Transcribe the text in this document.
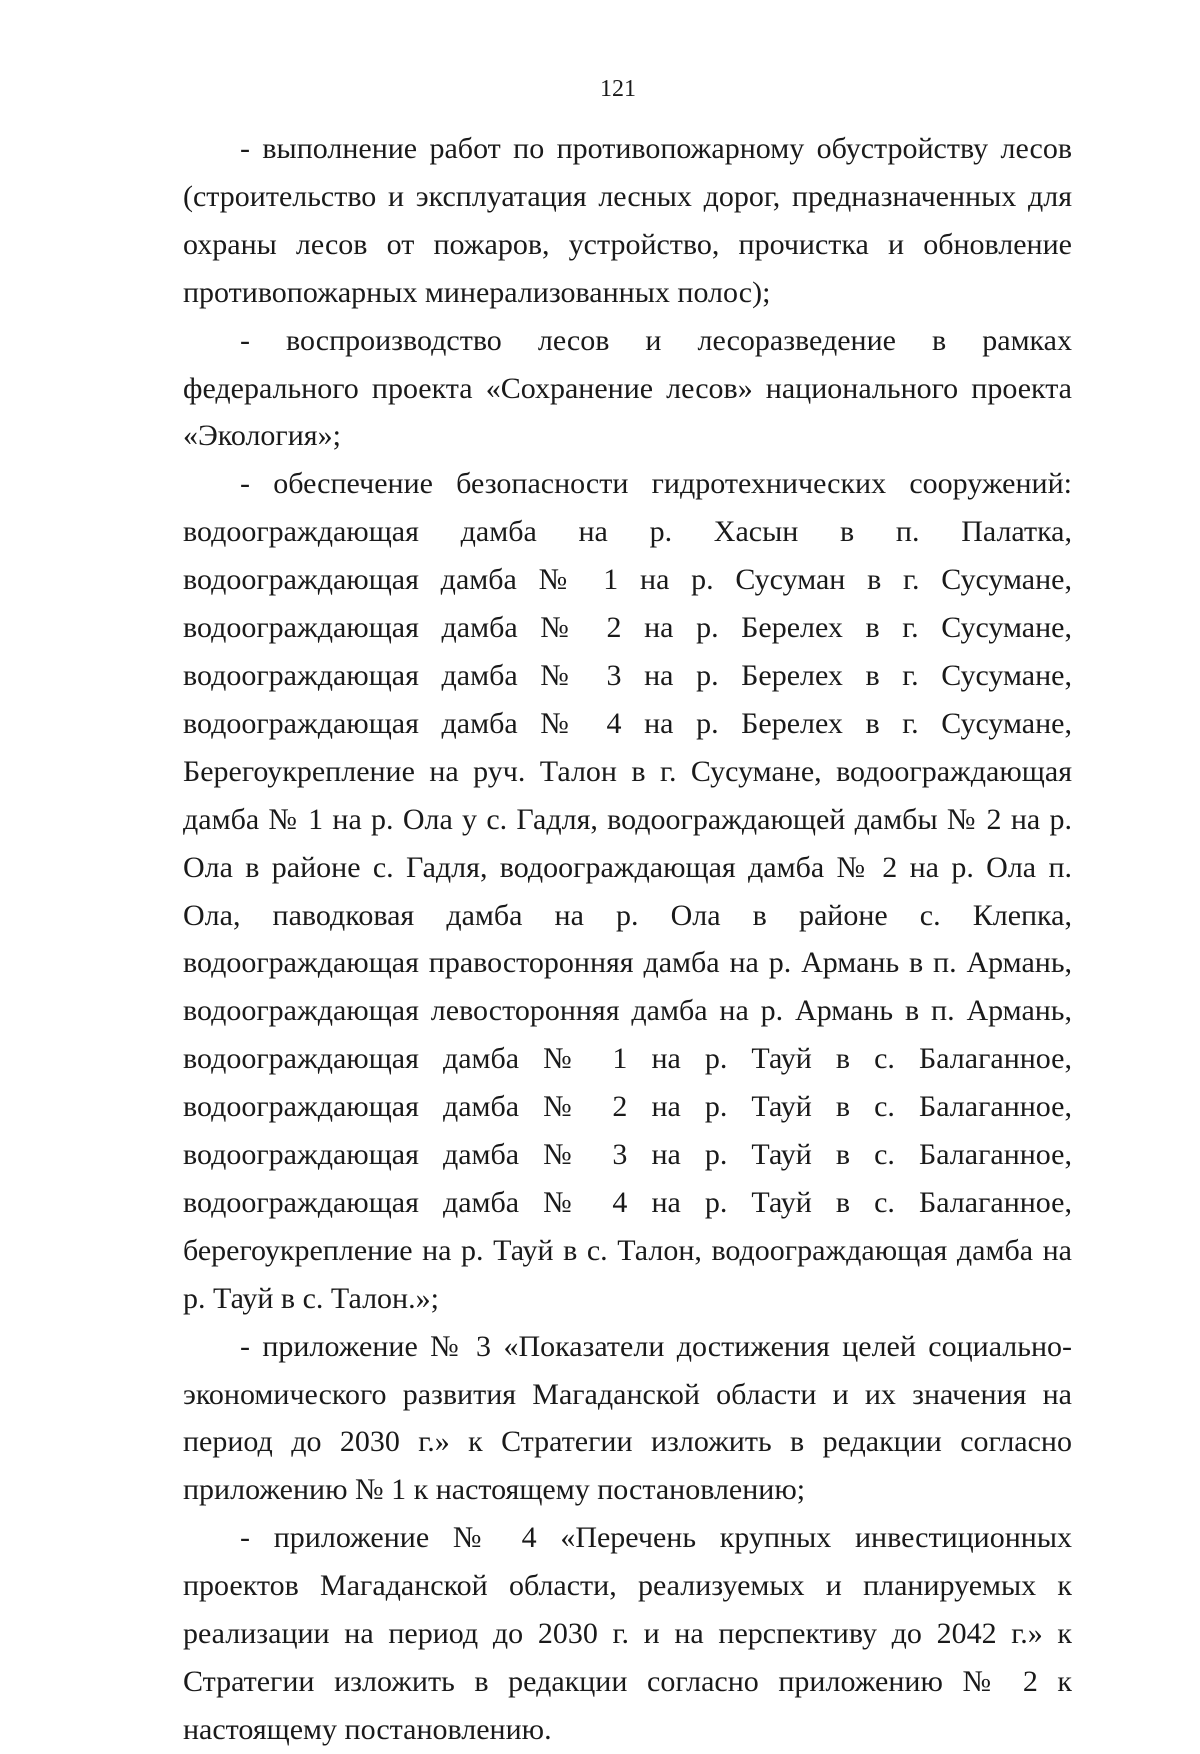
121

- выполнение работ по противопожарному обустройству лесов (строительство и эксплуатация лесных дорог, предназначенных для охраны лесов от пожаров, устройство, прочистка и обновление противопожарных минерализованных полос);

- воспроизводство лесов и лесоразведение в рамках федерального проекта «Сохранение лесов» национального проекта «Экология»;

- обеспечение безопасности гидротехнических сооружений: водоограждающая дамба на р. Хасын в п. Палатка, водоограждающая дамба № 1 на р. Сусуман в г. Сусумане, водоограждающая дамба № 2 на р. Берелех в г. Сусумане, водоограждающая дамба № 3 на р. Берелех в г. Сусумане, водоограждающая дамба № 4 на р. Берелех в г. Сусумане, Берегоукрепление на руч. Талон в г. Сусумане, водоограждающая дамба № 1 на р. Ола у с. Гадля, водоограждающей дамбы № 2 на р. Ола в районе с. Гадля, водоограждающая дамба № 2 на р. Ола п. Ола, паводковая дамба на р. Ола в районе с. Клепка, водоограждающая правосторонняя дамба на р. Армань в п. Армань, водоограждающая левосторонняя дамба на р. Армань в п. Армань, водоограждающая дамба № 1 на р. Тауй в с. Балаганное, водоограждающая дамба № 2 на р. Тауй в с. Балаганное, водоограждающая дамба № 3 на р. Тауй в с. Балаганное, водоограждающая дамба № 4 на р. Тауй в с. Балаганное, берегоукрепление на р. Тауй в с. Талон, водоограждающая дамба на р. Тауй в с. Талон.»;

- приложение № 3 «Показатели достижения целей социально-экономического развития Магаданской области и их значения на период до 2030 г.» к Стратегии изложить в редакции согласно приложению № 1 к настоящему постановлению;

- приложение № 4 «Перечень крупных инвестиционных проектов Магаданской области, реализуемых и планируемых к реализации на период до 2030 г. и на перспективу до 2042 г.» к Стратегии изложить в редакции согласно приложению № 2 к настоящему постановлению.
